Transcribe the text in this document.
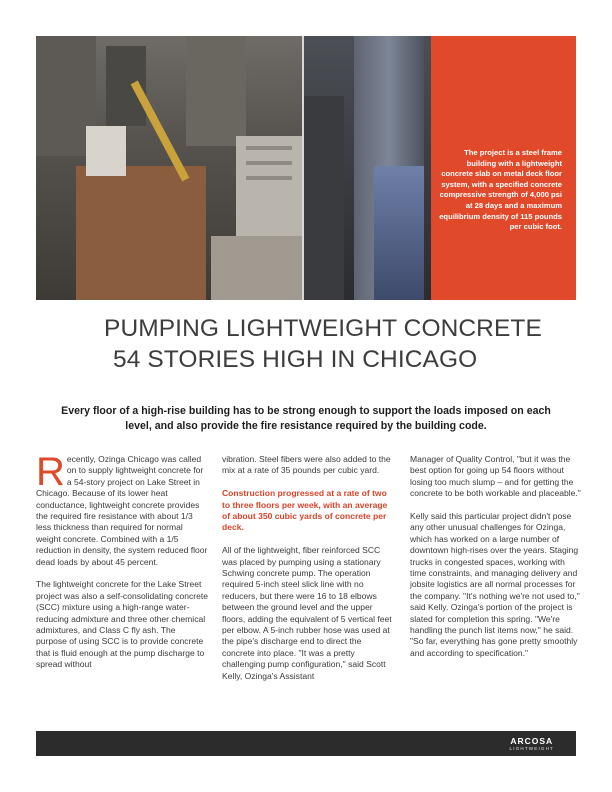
The project is a steel frame building with a lightweight concrete slab on metal deck floor system, with a specified concrete compressive strength of 4,000 psi at 28 days and a maximum equilibrium density of 115 pounds per cubic foot.
PUMPING LIGHTWEIGHT CONCRETE
54 STORIES HIGH IN CHICAGO
Every floor of a high-rise building has to be strong enough to support the loads imposed on each level, and also provide the fire resistance required by the building code.

Recently, Ozinga Chicago was called on to supply lightweight concrete for a 54-story project on Lake Street in Chicago. Because of its lower heat conductance, lightweight concrete provides the required fire resistance with about 1/3 less thickness than required for normal weight concrete. Combined with a 1/5 reduction in density, the system reduced floor dead loads by about 45 percent.

The lightweight concrete for the Lake Street project was also a self-consolidating concrete (SCC) mixture using a high-range water-reducing admixture and three other chemical admixtures, and Class C fly ash. The purpose of using SCC is to provide concrete that is fluid enough at the pump discharge to spread without

vibration. Steel fibers were also added to the mix at a rate of 35 pounds per cubic yard.

Construction progressed at a rate of two to three floors per week, with an average of about 350 cubic yards of concrete per deck.

All of the lightweight, fiber reinforced SCC was placed by pumping using a stationary Schwing concrete pump. The operation required 5-inch steel slick line with no reducers, but there were 16 to 18 elbows between the ground level and the upper floors, adding the equivalent of 5 vertical feet per elbow. A 5-inch rubber hose was used at the pipe's discharge end to direct the concrete into place. "It was a pretty challenging pump configuration," said Scott Kelly, Ozinga's Assistant

Manager of Quality Control, "but it was the best option for going up 54 floors without losing too much slump – and for getting the concrete to be both workable and placeable."

Kelly said this particular project didn't pose any other unusual challenges for Ozinga, which has worked on a large number of downtown high-rises over the years. Staging trucks in congested spaces, working with time constraints, and managing delivery and jobsite logistics are all normal processes for the company. "It's nothing we're not used to," said Kelly. Ozinga's portion of the project is slated for completion this spring. "We're handling the punch list items now," he said. "So far, everything has gone pretty smoothly and according to specification."

ARCOSA
LIGHTWEIGHT
